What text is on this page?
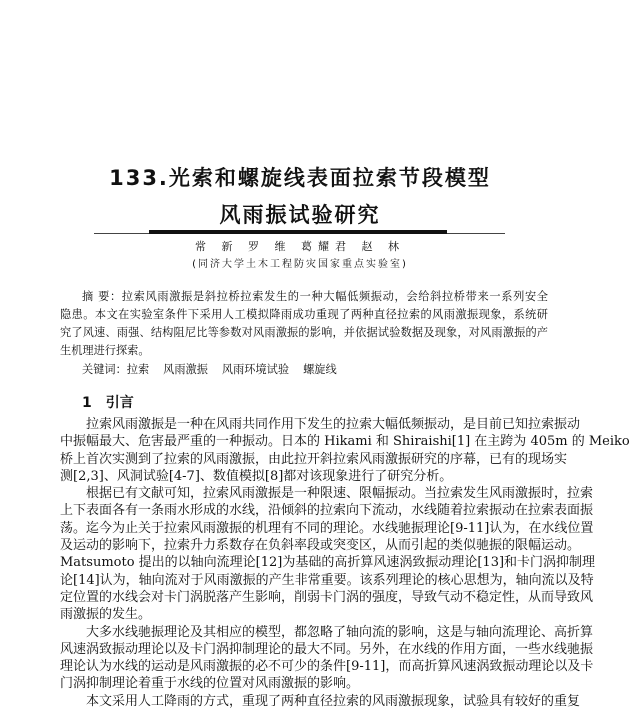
133.光索和螺旋线表面拉索节段模型
风雨振试验研究
常 新 罗 维 葛耀君 赵 林
(同济大学土木工程防灾国家重点实验室)
摘 要：拉索风雨激振是斜拉桥拉索发生的一种大幅低频振动，会给斜拉桥带来一系列安全
隐患。本文在实验室条件下采用人工模拟降雨成功重现了两种直径拉索的风雨激振现象，系统研
究了风速、雨强、结构阻尼比等参数对风雨激振的影响，并依据试验数据及现象，对风雨激振的产
生机理进行探索。
关键词：拉索 风雨激振 风雨环境试验 螺旋线
1 引言
拉索风雨激振是一种在风雨共同作用下发生的拉索大幅低频振动，是目前已知拉索振动
中振幅最大、危害最严重的一种振动。日本的 Hikami 和 Shiraishi[1] 在主跨为 405m 的 Meiko
桥上首次实测到了拉索的风雨激振，由此拉开斜拉索风雨激振研究的序幕，已有的现场实
测[2,3]、风洞试验[4-7]、数值模拟[8]都对该现象进行了研究分析。
根据已有文献可知，拉索风雨激振是一种限速、限幅振动。当拉索发生风雨激振时，拉索
上下表面各有一条雨水形成的水线，沿倾斜的拉索向下流动，水线随着拉索振动在拉索表面振
荡。迄今为止关于拉索风雨激振的机理有不同的理论。水线驰振理论[9-11]认为，在水线位置
及运动的影响下，拉索升力系数存在负斜率段或突变区，从而引起的类似驰振的限幅运动。
Matsumoto 提出的以轴向流理论[12]为基础的高折算风速涡致振动理论[13]和卡门涡抑制理
论[14]认为，轴向流对于风雨激振的产生非常重要。该系列理论的核心思想为，轴向流以及特
定位置的水线会对卡门涡脱落产生影响，削弱卡门涡的强度，导致气动不稳定性，从而导致风
雨激振的发生。
大多水线驰振理论及其相应的模型，都忽略了轴向流的影响，这是与轴向流理论、高折算
风速涡致振动理论以及卡门涡抑制理论的最大不同。另外，在水线的作用方面，一些水线驰振
理论认为水线的运动是风雨激振的必不可少的条件[9-11]，而高折算风速涡致振动理论以及卡
门涡抑制理论着重于水线的位置对风雨激振的影响。
本文采用人工降雨的方式，重现了两种直径拉索的风雨激振现象，试验具有较好的重复
